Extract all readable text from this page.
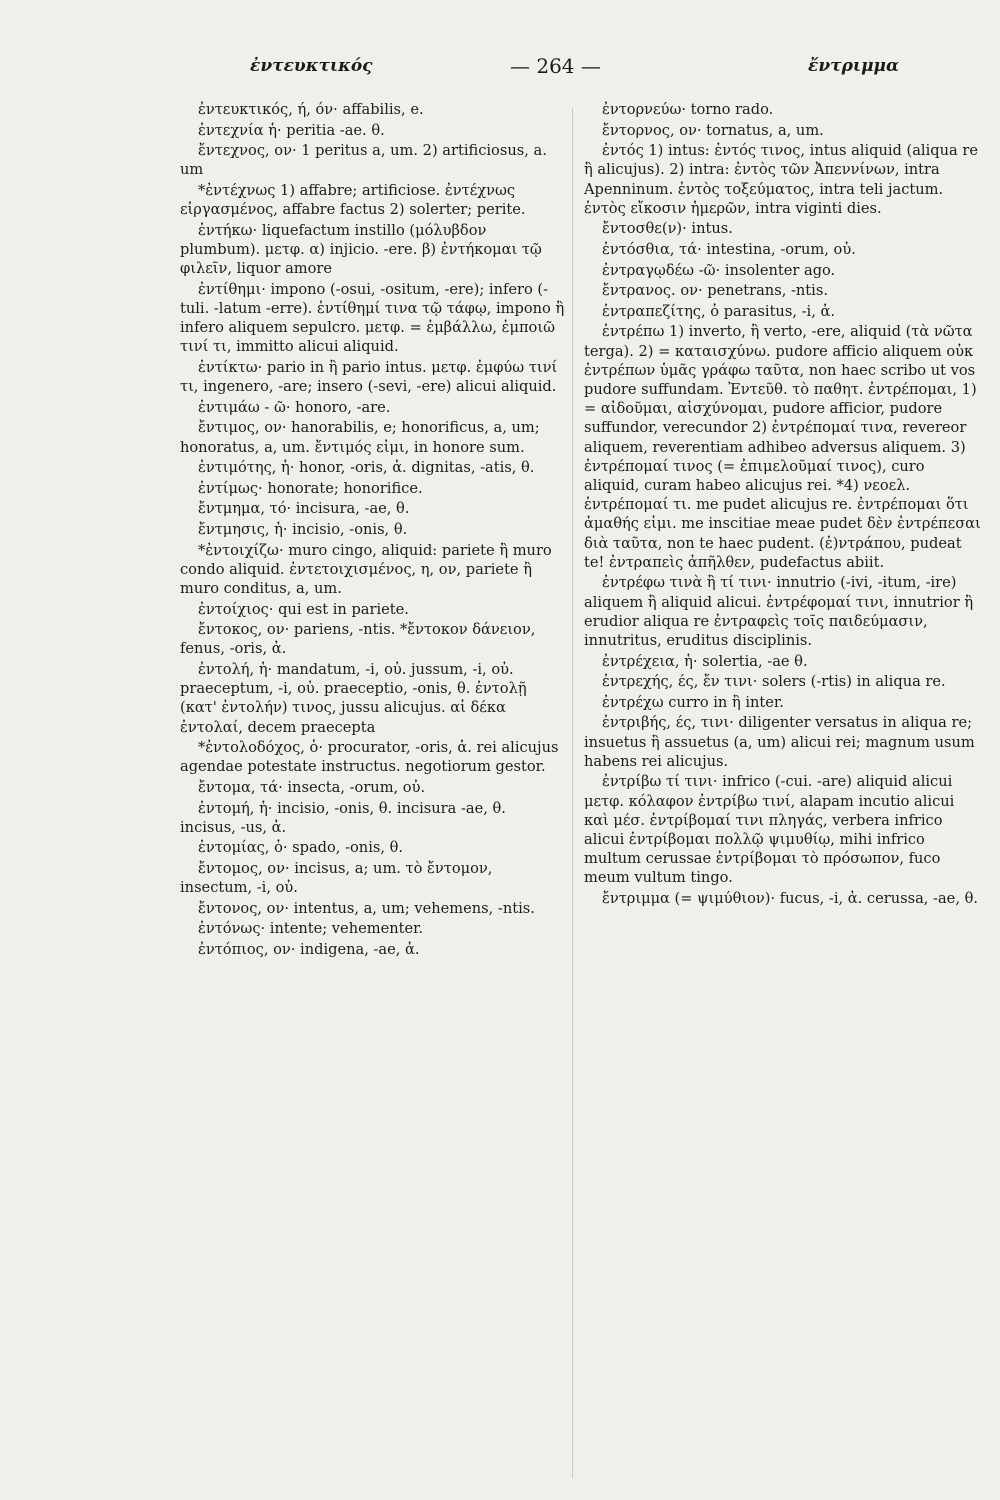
ἐντευκτικός	— 264 —	ἔντριμμα

ἐντευκτικός, ή, όν· affabilis, e.

ἐντεχνία ἡ· peritia -ae. θ.

ἔντεχνος, ον· 1 peritus a, um. 2) artificiosus, a. um

*ἐντέχνως 1) affabre; artificiose. ἐντέχνως εἰργασμένος, affabre factus 2) solerter; perite.

ἐντήκω· liquefactum instillo (μόλυβδον plumbum). μετφ. α) injicio. -ere. β) ἐντήκομαι τῷ φιλεῖν, liquor amore

ἐντίθημι· impono (-osui, -ositum, -ere); infero (-tuli. -latum -erre). ἐντίθημί τινα τῷ τάφῳ, impono ἢ infero aliquem sepulcro. μετφ. = ἐμβάλλω, ἐμποιῶ τινί τι, immitto alicui aliquid.

ἐντίκτω· pario in ἢ pario intus. μετφ. ἐμφύω τινί τι, ingenero, -are; insero (-sevi, -ere) alicui aliquid.

ἐντιμάω - ῶ· honoro, -are.

ἔντιμος, ον· hanorabilis, e; honorificus, a, um; honoratus, a, um. ἔντιμός εἰμι, in honore sum.

ἐντιμότης, ἡ· honor, -oris, ἀ. dignitas, -atis, θ.

ἐντίμως· honorate; honorifice.

ἔντμημα, τό· incisura, -ae, θ.

ἔντμησις, ἡ· incisio, -onis, θ.

*ἐντοιχίζω· muro cingo, aliquid: pariete ἢ muro condo aliquid. ἐντετοιχισμένος, η, ον, pariete ἢ muro conditus, a, um.

ἐντοίχιος· qui est in pariete.

ἔντοκος, ον· pariens, -ntis. *ἔντοκον δάνειον, fenus, -oris, ἀ.

ἐντολή, ἡ· mandatum, -i, οὐ. jussum, -i, οὐ. praeceptum, -i, οὐ. praeceptio, -onis, θ. ἐντολῇ (κατ' ἐντολήν) τινος, jussu alicujus. αἱ δέκα ἐντολαί, decem praecepta

*ἐντολοδόχος, ὁ· procurator, -oris, ἀ. rei alicujus agendae potestate instructus. negotiorum gestor.

ἔντομα, τά· insecta, -orum, οὐ.

ἐντομή, ἡ· incisio, -onis, θ. incisura -ae, θ. incisus, -us, ἀ.

ἐντομίας, ὁ· spado, -onis, θ.

ἔντομος, ον· incisus, a; um. τὸ ἔντομον, insectum, -i, οὐ.

ἔντονος, ον· intentus, a, um; vehemens, -ntis.

ἐντόνως· intente; vehementer.

ἐντόπιος, ον· indigena, -ae, ἀ.

ἐντορνεύω· torno rado.

ἔντορνος, ον· tornatus, a, um.

ἐντός 1) intus: ἐντός τινος, intus aliquid (aliqua re ἢ alicujus). 2) intra: ἐντὸς τῶν Ἀπεννίνων, intra Apenninum. ἐντὸς τοξεύματος, intra teli jactum. ἐντὸς εἴκοσιν ἡμερῶν, intra viginti dies.

ἔντοσθε(ν)· intus.

ἐντόσθια, τά· intestina, -orum, οὐ.

ἐντραγῳδέω -ῶ· insolenter ago.

ἔντρανος. ον· penetrans, -ntis.

ἐντραπεζίτης, ὁ parasitus, -i, ἀ.

ἐντρέπω 1) inverto, ἢ verto, -ere, aliquid (τὰ νῶτα terga). 2) = καταισχύνω. pudore afficio aliquem οὐκ ἐντρέπων ὑμᾶς γράφω ταῦτα, non haec scribo ut vos pudore suffundam. Ἐντεῦθ. τὸ παθητ. ἐντρέπομαι, 1) = αἰδοῦμαι, αἰσχύνομαι, pudore afficior, pudore suffundor, verecundor 2) ἐντρέπομαί τινα, revereor aliquem, reverentiam adhibeo adversus aliquem. 3) ἐντρέπομαί τινος (= ἐπιμελοῦμαί τινος), curo aliquid, curam habeo alicujus rei. *4) νεοελ. ἐντρέπομαί τι. me pudet alicujus re. ἐντρέπομαι ὅτι ἀμαθής εἰμι. me inscitiae meae pudet δὲν ἐντρέπεσαι διὰ ταῦτα, non te haec pudent. (ἐ)ντράπου, pudeat te! ἐντραπεὶς ἀπῆλθεν, pudefactus abiit.

ἐντρέφω τινὰ ἢ τί τινι· innutrio (-ivi, -itum, -ire) aliquem ἢ aliquid alicui. ἐντρέφομαί τινι, innutrior ἢ erudior aliqua re ἐντραφεὶς τοῖς παιδεύμασιν, innutritus, eruditus disciplinis.

ἐντρέχεια, ἡ· solertia, -ae θ.

ἐντρεχής, ές, ἔν τινι· solers (-rtis) in aliqua re.

ἐντρέχω curro in ἢ inter.

ἐντριβής, ές, τινι· diligenter versatus in aliqua re; insuetus ἢ assuetus (a, um) alicui rei; magnum usum habens rei alicujus.

ἐντρίβω τί τινι· infrico (-cui. -are) aliquid alicui μετφ. κόλαφον ἐντρίβω τινί, alapam incutio alicui καὶ μέσ. ἐντρίβομαί τινι πληγάς, verbera infrico alicui ἐντρίβομαι πολλῷ ψιμυθίῳ, mihi infrico multum cerussae ἐντρίβομαι τὸ πρόσωπον, fuco meum vultum tingo.

ἔντριμμα (= ψιμύθιον)· fucus, -i, ἀ. cerussa, -ae, θ.
